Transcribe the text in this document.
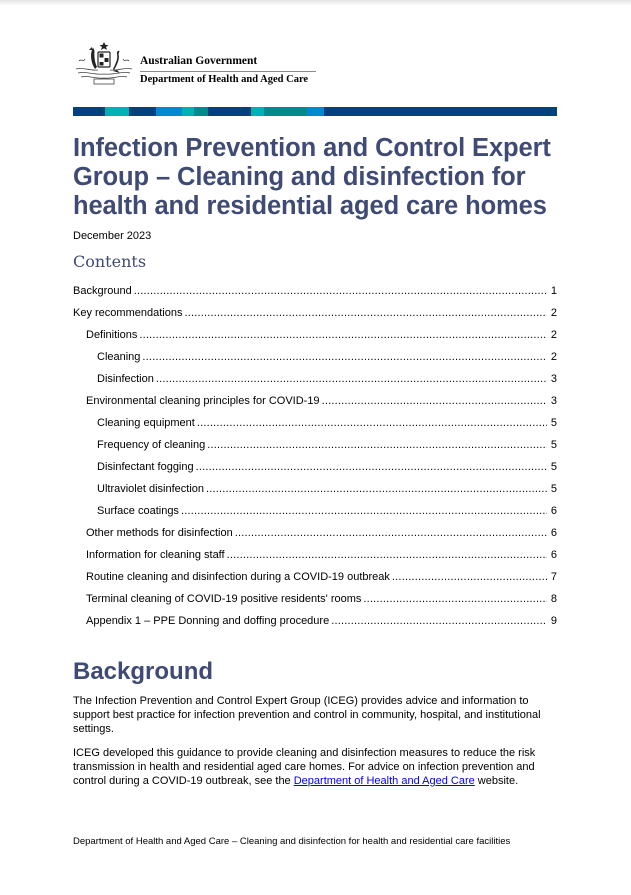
Australian Government
Department of Health and Aged Care
Infection Prevention and Control Expert Group – Cleaning and disinfection for health and residential aged care homes
December 2023
Contents
Background .....	1
Key recommendations .....	2
Definitions .....	2
Cleaning .....	2
Disinfection .....	3
Environmental cleaning principles for COVID-19 .....	3
Cleaning equipment .....	5
Frequency of cleaning .....	5
Disinfectant fogging .....	5
Ultraviolet disinfection .....	5
Surface coatings .....	6
Other methods for disinfection .....	6
Information for cleaning staff .....	6
Routine cleaning and disinfection during a COVID-19 outbreak .....	7
Terminal cleaning of COVID-19 positive residents' rooms .....	8
Appendix 1 – PPE Donning and doffing procedure .....	9
Background

The Infection Prevention and Control Expert Group (ICEG) provides advice and information to support best practice for infection prevention and control in community, hospital, and institutional settings.

ICEG developed this guidance to provide cleaning and disinfection measures to reduce the risk transmission in health and residential aged care homes. For advice on infection prevention and control during a COVID-19 outbreak, see the Department of Health and Aged Care website.

Department of Health and Aged Care – Cleaning and disinfection for health and residential care facilities
